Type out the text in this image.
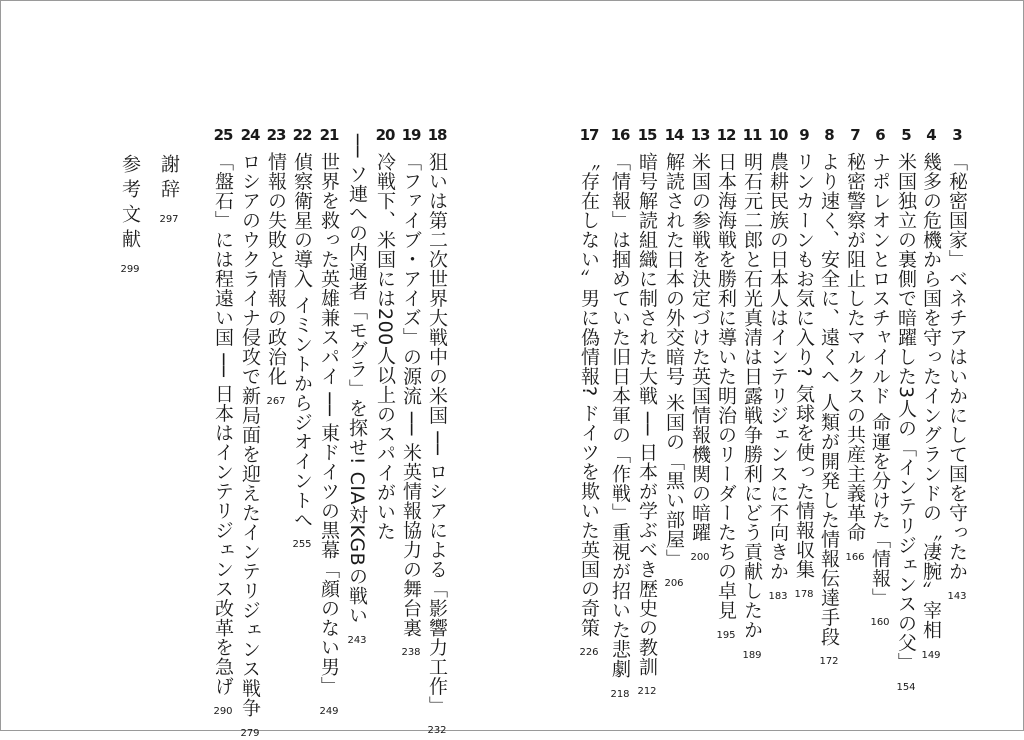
3
「秘密国家」ベネチアはいかにして国を守ったか
143
4
幾多の危機から国を守ったイングランドの〝凄腕〟宰相
149
5
米国独立の裏側で暗躍した3人の「インテリジェンスの父」
154
6
ナポレオンとロスチャイルド 命運を分けた「情報」
160
7
秘密警察が阻止したマルクスの共産主義革命
166
8
より速く、安全に、遠くへ 人類が開発した情報伝達手段
172
9
リンカーンもお気に入り? 気球を使った情報収集
178
10
農耕民族の日本人はインテリジェンスに不向きか
183
11
明石元二郎と石光真清は日露戦争勝利にどう貢献したか
189
12
日本海海戦を勝利に導いた明治のリーダーたちの卓見
195
13
米国の参戦を決定づけた英国情報機関の暗躍
200
14
解読された日本の外交暗号 米国の「黒い部屋」
206
15
暗号解読組織に制された大戦 ── 日本が学ぶべき歴史の教訓
212
16
「情報」は掴めていた旧日本軍の「作戦」重視が招いた悲劇
218
17
〝存在しない〟男に偽情報? ドイツを欺いた英国の奇策
226
18
狙いは第二次世界大戦中の米国 ── ロシアによる「影響力工作」
232
19
「ファイブ・アイズ」の源流 ── 米英情報協力の舞台裏
238
20
冷戦下、米国には200人以上のスパイがいた
── ソ連への内通者「モグラ」を探せ! CIA対KGBの戦い
243
21
世界を救った英雄兼スパイ ── 東ドイツの黒幕「顔のない男」
249
22
偵察衛星の導入 イミントからジオイントへ
255
23
情報の失敗と情報の政治化
267
24
ロシアのウクライナ侵攻で新局面を迎えたインテリジェンス戦争
279
25
「盤石」には程遠い国 ── 日本はインテリジェンス改革を急げ
290
謝辞
297
参考文献
299
